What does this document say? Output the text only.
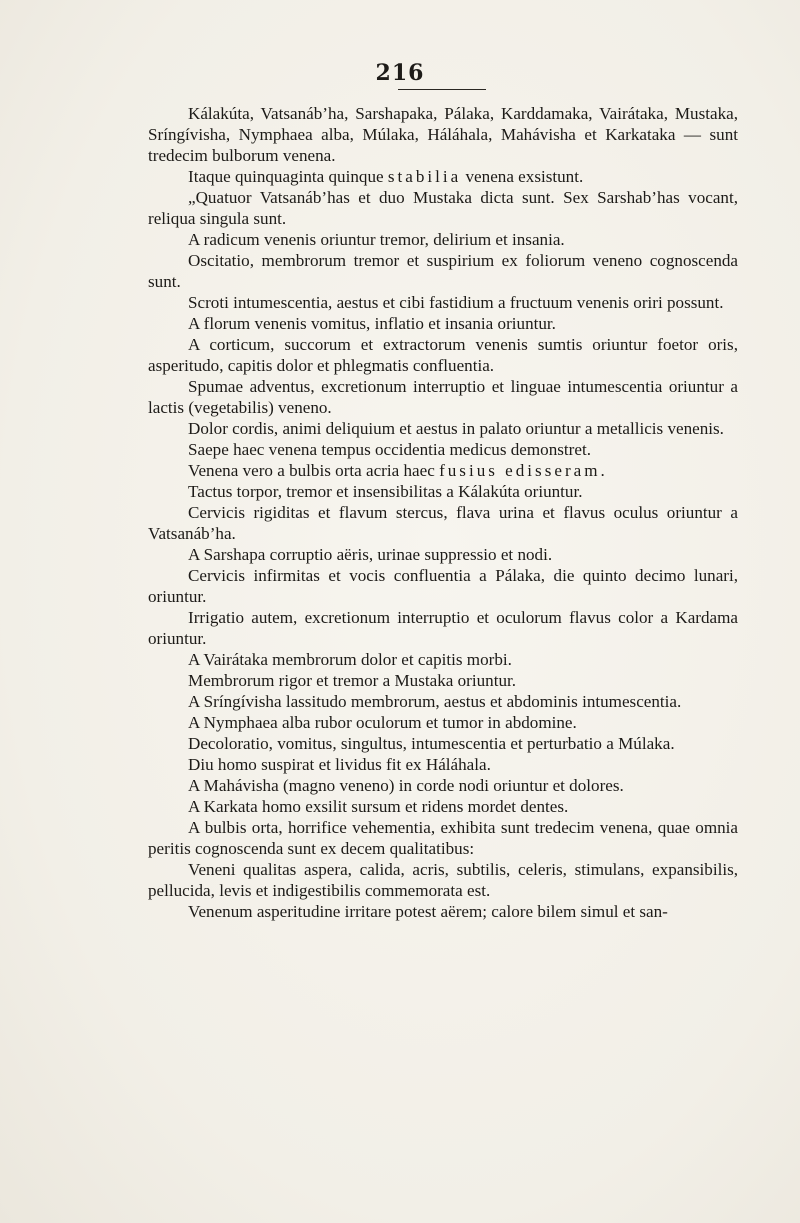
216

Kálakúta, Vatsanáb’ha, Sarshapaka, Pálaka, Karddamaka, Vairátaka, Mustaka, Sríngívisha, Nymphaea alba, Múlaka, Háláhala, Mahávisha et Karkataka — sunt tredecim bulborum venena.

Itaque quinquaginta quinque stabilia venena exsistunt.

„Quatuor Vatsanáb’has et duo Mustaka dicta sunt. Sex Sarshab’has vocant, reliqua singula sunt.

A radicum venenis oriuntur tremor, delirium et insania.

Oscitatio, membrorum tremor et suspirium ex foliorum veneno cognoscenda sunt.

Scroti intumescentia, aestus et cibi fastidium a fructuum venenis oriri possunt.

A florum venenis vomitus, inflatio et insania oriuntur.

A corticum, succorum et extractorum venenis sumtis oriuntur foetor oris, asperitudo, capitis dolor et phlegmatis confluentia.

Spumae adventus, excretionum interruptio et linguae intumescentia oriuntur a lactis (vegetabilis) veneno.

Dolor cordis, animi deliquium et aestus in palato oriuntur a metallicis venenis.

Saepe haec venena tempus occidentia medicus demonstret.

Venena vero a bulbis orta acria haec fusius edisseram.

Tactus torpor, tremor et insensibilitas a Kálakúta oriuntur.

Cervicis rigiditas et flavum stercus, flava urina et flavus oculus oriuntur a Vatsanáb’ha.

A Sarshapa corruptio aëris, urinae suppressio et nodi.

Cervicis infirmitas et vocis confluentia a Pálaka, die quinto decimo lunari, oriuntur.

Irrigatio autem, excretionum interruptio et oculorum flavus color a Kardama oriuntur.

A Vairátaka membrorum dolor et capitis morbi.

Membrorum rigor et tremor a Mustaka oriuntur.

A Sríngívisha lassitudo membrorum, aestus et abdominis intumescentia.

A Nymphaea alba rubor oculorum et tumor in abdomine.

Decoloratio, vomitus, singultus, intumescentia et perturbatio a Múlaka.

Diu homo suspirat et lividus fit ex Háláhala.

A Mahávisha (magno veneno) in corde nodi oriuntur et dolores.

A Karkata homo exsilit sursum et ridens mordet dentes.

A bulbis orta, horrifice vehementia, exhibita sunt tredecim venena, quae omnia peritis cognoscenda sunt ex decem qualitatibus:

Veneni qualitas aspera, calida, acris, subtilis, celeris, stimulans, expansibilis, pellucida, levis et indigestibilis commemorata est.

Venenum asperitudine irritare potest aërem; calore bilem simul et san-
